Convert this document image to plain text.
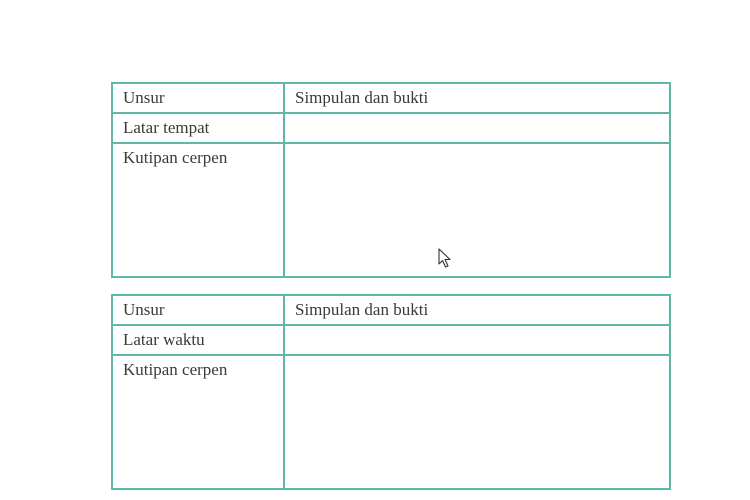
Unsur	Simpulan dan bukti
Latar tempat	
Kutipan cerpen	
Unsur	Simpulan dan bukti
Latar waktu	
Kutipan cerpen	
